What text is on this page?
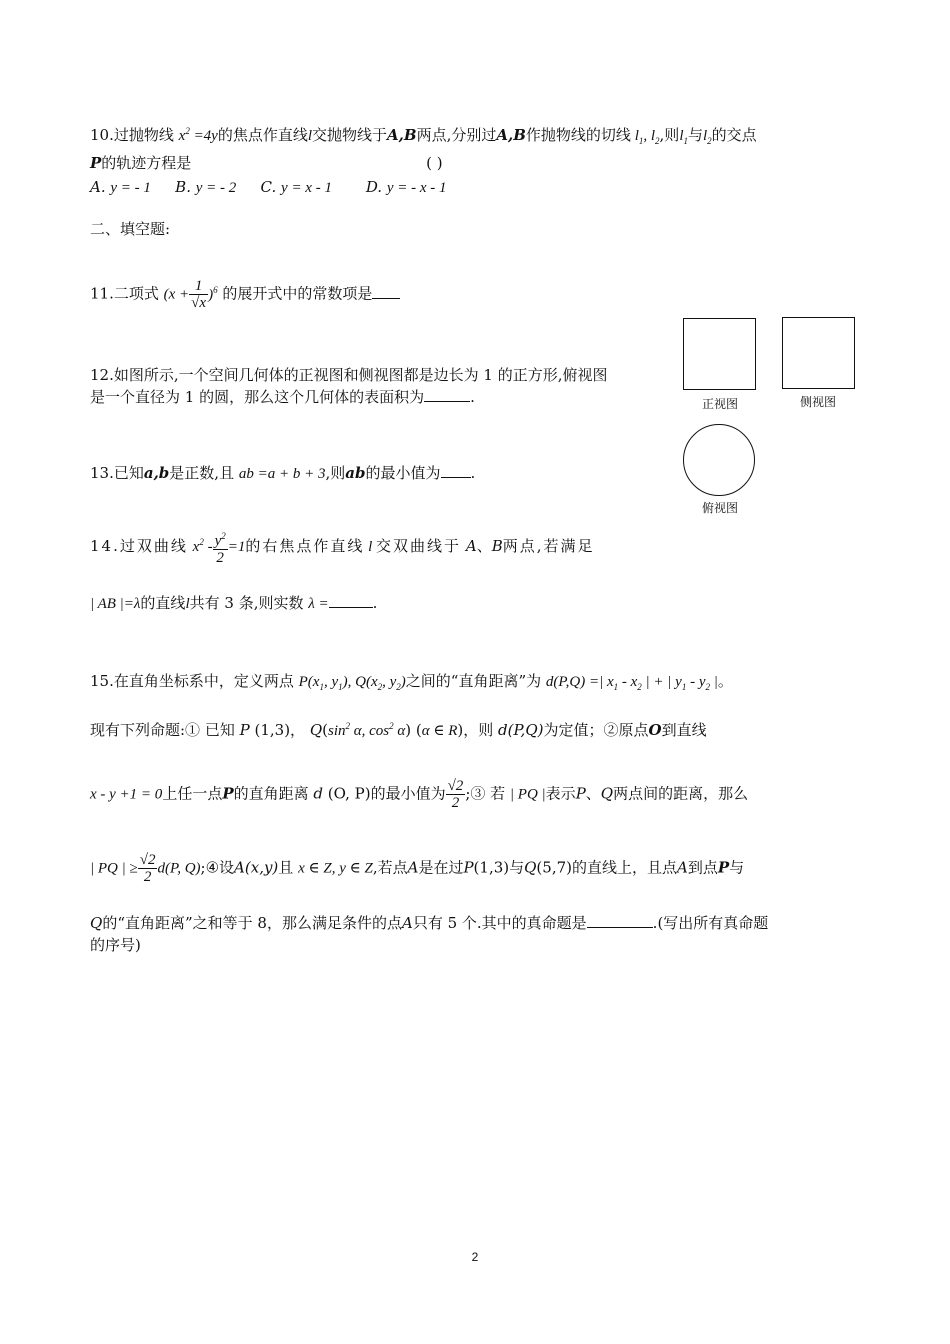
10.过抛物线 $x^2 =4y$的焦点作直线l交抛物线于A,B两点,分别过A,B作抛物线的切线 $l_1$, $l_2$,则$l_1$与$l_2$的交点
P的轨迹方程是	( )
A. y = - 1 B. y = - 2 C. y = x - 1 D. y = - x - 1
二、填空题:
11.二项式 $(x + \frac{1}{√x} )^6$ 的展开式中的常数项是
12.如图所示,一个空间几何体的正视图和侧视图都是边长为 1 的正方形,俯视图
是一个直径为 1 的圆，那么这个几何体的表面积为	.	正视图	侧视图
俯视图
13.已知a,b是正数,且 ab =a + b + 3,则ab的最小值为 .
14.过双曲线 $x^2 - \frac{y^2}{2} =1$的右焦点作直线 l 交双曲线于 A、B两点,若满足
| AB |=λ的直线l共有 3 条,则实数 λ =	.
15.在直角坐标系中，定义两点 $P(x_1$, $y_1$), $Q(x_2$, $y_2$)之间的“直角距离”为 d(P,Q) =| $x_1 - x_2$ | + | $y_1 - y_2$ |。
现有下列命题:① 已知 P (1,3)， $Q(\sin^2$ α, $\cos^2 \alpha$) (α ∈ R)，则 d(P,Q)为定值；②原点O到直线
x - y +1 = 0上任一点P的直角距离 d (O, P)的最小值为 $\frac{√2}{2}$ ;③ 若 | PQ |表示P、Q两点间的距离，那么
| PQ | ≥ $\frac{√2}{2} d(P$, Q);④设A(x,y)且 x ∈ Z, y ∈ Z,若点A是在过P(1,3)与Q(5,7)的直线上，且点A到点P与
Q的“直角距离”之和等于 8，那么满足条件的点A只有 5 个.其中的真命题是	.(写出所有真命题
的序号)
2
